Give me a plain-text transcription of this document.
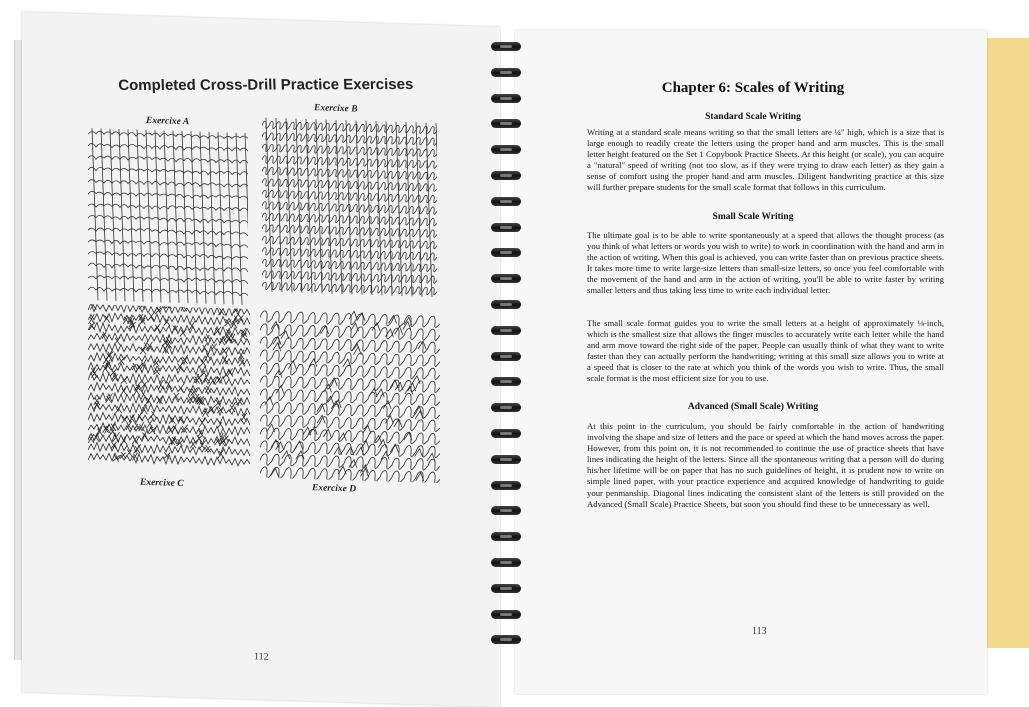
Completed Cross-Drill Practice Exercises
Exercixe A
Exercixe B
Exercixe C	Exercixe D
112
Chapter 6: Scales of Writing
Standard Scale Writing

Writing at a standard scale means writing so that the small letters are ¼" high, which is a size that is large enough to readily create the letters using the proper hand and arm muscles. This is the small letter height featured on the Set 1 Copybook Practice Sheets. At this height (or scale), you can acquire a "natural" speed of writing (not too slow, as if they were trying to draw each letter) as they gain a sense of comfort using the proper hand and arm muscles. Diligent handwriting practice at this size will further prepare students for the small scale format that follows in this curriculum.

Small Scale Writing

The ultimate goal is to be able to write spontaneously at a speed that allows the thought process (as you think of what letters or words you wish to write) to work in coordination with the hand and arm in the action of writing. When this goal is achieved, you can write faster than on previous practice sheets. It takes more time to write large-size letters than small-size letters, so once you feel comfortable with the movement of the hand and arm in the action of writing, you'll be able to write faster by writing smaller letters and thus taking less time to write each individual letter.

The small scale format guides you to write the small letters at a height of approximately ⅛-inch, which is the smallest size that allows the finger muscles to accurately write each letter while the hand and arm move toward the right side of the paper. People can usually think of what they want to write faster than they can actually perform the handwriting; writing at this small size allows you to write at a speed that is closer to the rate at which you think of the words you wish to write. Thus, the small scale format is the most efficient size for you to use.

Advanced (Small Scale) Writing

At this point in the curriculum, you should be fairly comfortable in the action of handwriting involving the shape and size of letters and the pace or speed at which the hand moves across the paper. However, from this point on, it is not recommended to continue the use of practice sheets that have lines indicating the height of the letters. Since all the spontaneous writing that a person will do during his/her lifetime will be on paper that has no such guidelines of height, it is prudent now to write on simple lined paper, with your practice experience and acquired knowledge of handwriting to guide your penmanship. Diagonal lines indicating the consistent slant of the letters is still provided on the Advanced (Small Scale) Practice Sheets, but soon you should find these to be unnecessary as well.

113
